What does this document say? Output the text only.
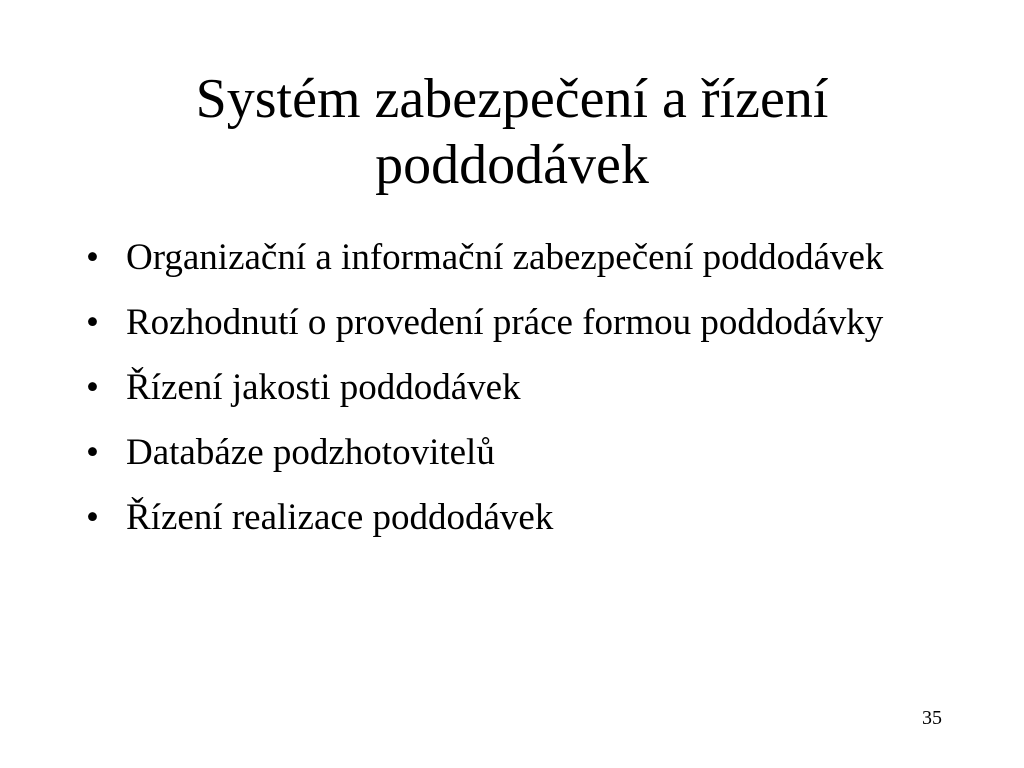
Systém zabezpečení a řízení
poddodávek
• Organizační a informační zabezpečení poddodávek
• Rozhodnutí o provedení práce formou poddodávky
• Řízení jakosti poddodávek
• Databáze podzhotovitelů
• Řízení realizace poddodávek
35
